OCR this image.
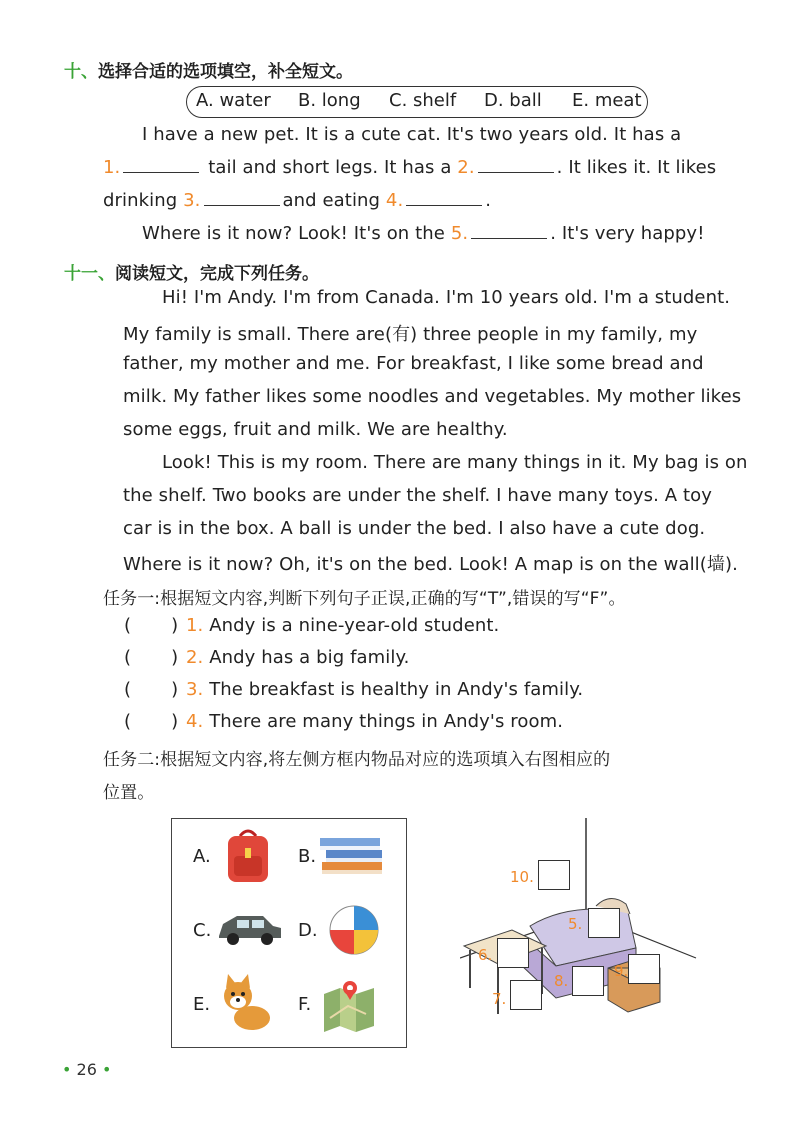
十、选择合适的选项填空，补全短文。
A. water B. long C. shelf D. ball E. meat
I have a new pet. It is a cute cat. It's two years old. It has a
1.	tail and short legs. It has a 2.	. It likes it. It likes
drinking 3.	and eating 4.	.
Where is it now? Look! It's on the 5.	. It's very happy!
十一、阅读短文，完成下列任务。
Hi! I'm Andy. I'm from Canada. I'm 10 years old. I'm a student.
My family is small. There are(有) three people in my family, my
father, my mother and me. For breakfast, I like some bread and
milk. My father likes some noodles and vegetables. My mother likes
some eggs, fruit and milk. We are healthy.
Look! This is my room. There are many things in it. My bag is on
the shelf. Two books are under the shelf. I have many toys. A toy
car is in the box. A ball is under the bed. I also have a cute dog.
Where is it now? Oh, it's on the bed. Look! A map is on the wall(墙).
任务一:根据短文内容,判断下列句子正误,正确的写“T”,错误的写“F”。
(       ) 1. Andy is a nine-year-old student.
(       ) 2. Andy has a big family.
(       ) 3. The breakfast is healthy in Andy's family.
(       ) 4. There are many things in Andy's room.
任务二:根据短文内容,将左侧方框内物品对应的选项填入右图相应的
位置。
A.	B.
C.	D.
E.	F.
10.
5.
6.
7.
8.
9.
• 26 •
